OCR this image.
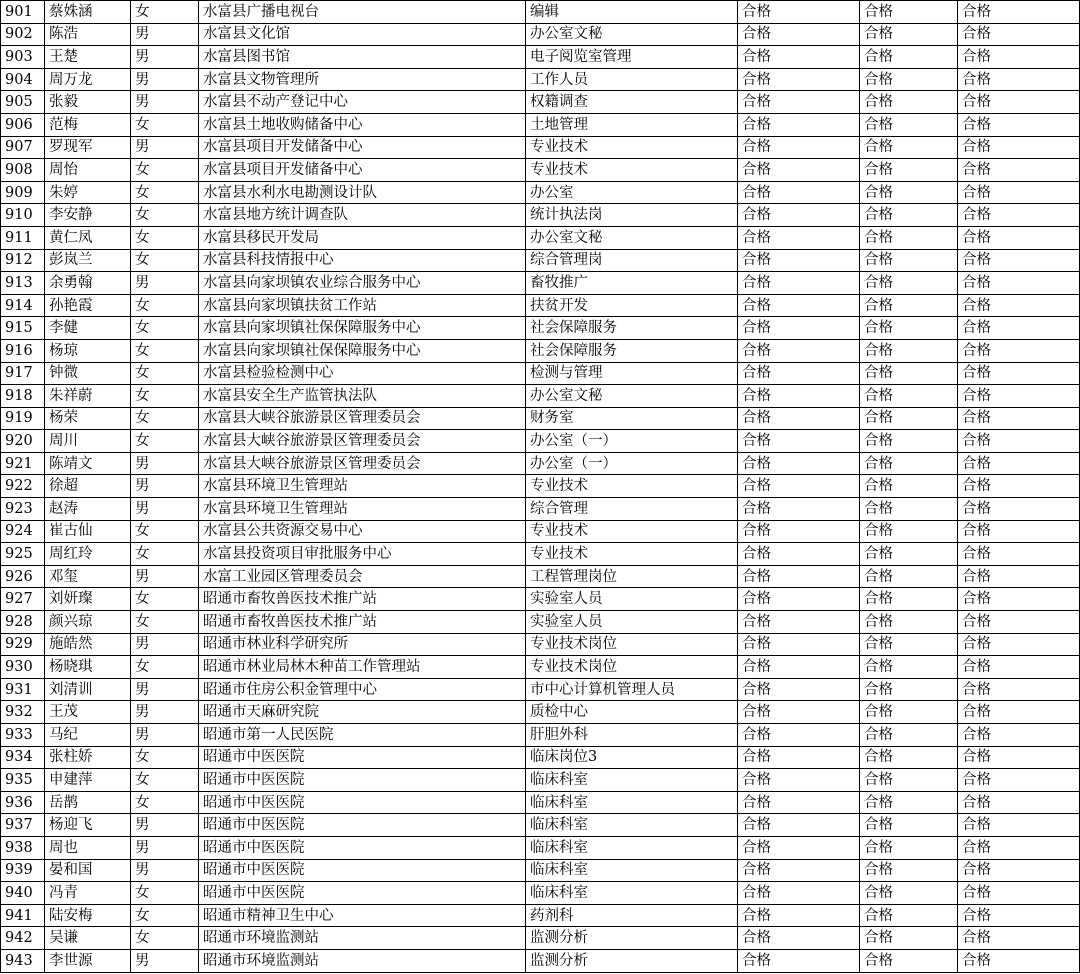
901	蔡姝涵	女	水富县广播电视台	编辑	合格	合格	合格
902	陈浩	男	水富县文化馆	办公室文秘	合格	合格	合格
903	王楚	男	水富县图书馆	电子阅览室管理	合格	合格	合格
904	周万龙	男	水富县文物管理所	工作人员	合格	合格	合格
905	张毅	男	水富县不动产登记中心	权籍调查	合格	合格	合格
906	范梅	女	水富县土地收购储备中心	土地管理	合格	合格	合格
907	罗现军	男	水富县项目开发储备中心	专业技术	合格	合格	合格
908	周怡	女	水富县项目开发储备中心	专业技术	合格	合格	合格
909	朱婷	女	水富县水利水电勘测设计队	办公室	合格	合格	合格
910	李安静	女	水富县地方统计调查队	统计执法岗	合格	合格	合格
911	黄仁凤	女	水富县移民开发局	办公室文秘	合格	合格	合格
912	彭岚兰	女	水富县科技情报中心	综合管理岗	合格	合格	合格
913	余勇翰	男	水富县向家坝镇农业综合服务中心	畜牧推广	合格	合格	合格
914	孙艳霞	女	水富县向家坝镇扶贫工作站	扶贫开发	合格	合格	合格
915	李健	女	水富县向家坝镇社保保障服务中心	社会保障服务	合格	合格	合格
916	杨琼	女	水富县向家坝镇社保保障服务中心	社会保障服务	合格	合格	合格
917	钟微	女	水富县检验检测中心	检测与管理	合格	合格	合格
918	朱祥蔚	女	水富县安全生产监管执法队	办公室文秘	合格	合格	合格
919	杨荣	女	水富县大峡谷旅游景区管理委员会	财务室	合格	合格	合格
920	周川	女	水富县大峡谷旅游景区管理委员会	办公室（一）	合格	合格	合格
921	陈靖文	男	水富县大峡谷旅游景区管理委员会	办公室（一）	合格	合格	合格
922	徐超	男	水富县环境卫生管理站	专业技术	合格	合格	合格
923	赵涛	男	水富县环境卫生管理站	综合管理	合格	合格	合格
924	崔古仙	女	水富县公共资源交易中心	专业技术	合格	合格	合格
925	周红玲	女	水富县投资项目审批服务中心	专业技术	合格	合格	合格
926	邓玺	男	水富工业园区管理委员会	工程管理岗位	合格	合格	合格
927	刘妍璨	女	昭通市畜牧兽医技术推广站	实验室人员	合格	合格	合格
928	颜兴琼	女	昭通市畜牧兽医技术推广站	实验室人员	合格	合格	合格
929	施皓然	男	昭通市林业科学研究所	专业技术岗位	合格	合格	合格
930	杨晓琪	女	昭通市林业局林木种苗工作管理站	专业技术岗位	合格	合格	合格
931	刘清训	男	昭通市住房公积金管理中心	市中心计算机管理人员	合格	合格	合格
932	王茂	男	昭通市天麻研究院	质检中心	合格	合格	合格
933	马纪	男	昭通市第一人民医院	肝胆外科	合格	合格	合格
934	张柱娇	女	昭通市中医医院	临床岗位3	合格	合格	合格
935	申建萍	女	昭通市中医医院	临床科室	合格	合格	合格
936	岳鹊	女	昭通市中医医院	临床科室	合格	合格	合格
937	杨迎飞	男	昭通市中医医院	临床科室	合格	合格	合格
938	周也	男	昭通市中医医院	临床科室	合格	合格	合格
939	晏和国	男	昭通市中医医院	临床科室	合格	合格	合格
940	冯青	女	昭通市中医医院	临床科室	合格	合格	合格
941	陆安梅	女	昭通市精神卫生中心	药剂科	合格	合格	合格
942	吴谦	女	昭通市环境监测站	监测分析	合格	合格	合格
943	李世源	男	昭通市环境监测站	监测分析	合格	合格	合格
